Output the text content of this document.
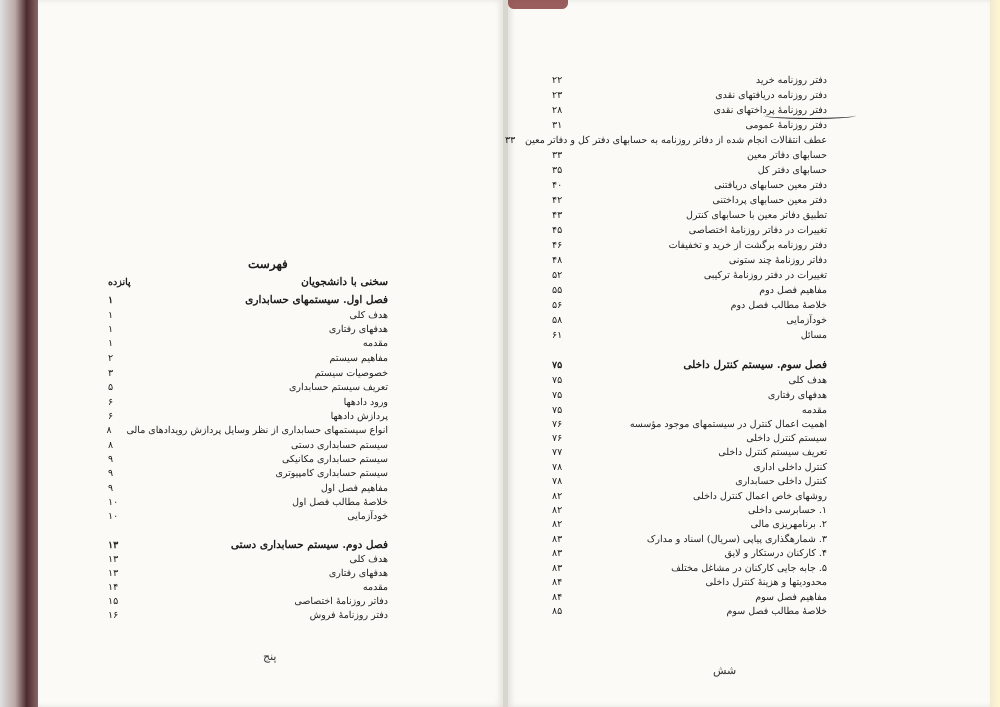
فهرست
سخنی با دانشجویان
پانزده
فصل اول. سیستمهای حسابداری
۱
هدف کلی
۱
هدفهای رفتاری
۱
مقدمه
۱
مفاهیم سیستم
۲
خصوصیات سیستم
۳
تعریف سیستم حسابداری
۵
ورود دادهها
۶
پردازش دادهها
۶
انواع سیستمهای حسابداری از نظر وسایل پردازش رویدادهای مالی
۸
سیستم حسابداری دستی
۸
سیستم حسابداری مکانیکی
۹
سیستم حسابداری کامپیوتری
۹
مفاهیم فصل اول
۹
خلاصهٔ مطالب فصل اول
۱۰
خودآزمایی
۱۰
فصل دوم. سیستم حسابداری دستی
۱۳
هدف کلی
۱۳
هدفهای رفتاری
۱۳
مقدمه
۱۴
دفاتر روزنامهٔ اختصاصی
۱۵
دفتر روزنامهٔ فروش
۱۶
پنج
دفتر روزنامه خرید
۲۲
دفتر روزنامه دریافتهای نقدی
۲۳
دفتر روزنامهٔ پرداختهای نقدی
۲۸
دفتر روزنامهٔ عمومی
۳۱
عطف انتقالات انجام شده از دفاتر روزنامه به حسابهای دفتر کل و دفاتر معین
۳۳
حسابهای دفاتر معین
۳۳
حسابهای دفتر کل
۳۵
دفتر معین حسابهای دریافتنی
۴۰
دفتر معین حسابهای پرداختنی
۴۲
تطبیق دفاتر معین با حسابهای کنترل
۴۳
تغییرات در دفاتر روزنامهٔ اختصاصی
۴۵
دفتر روزنامه برگشت از خرید و تخفیفات
۴۶
دفاتر روزنامهٔ چند ستونی
۴۸
تغییرات در دفتر روزنامهٔ ترکیبی
۵۲
مفاهیم فصل دوم
۵۵
خلاصهٔ مطالب فصل دوم
۵۶
خودآزمایی
۵۸
مسائل
۶۱
فصل سوم. سیستم کنترل داخلی
۷۵
هدف کلی
۷۵
هدفهای رفتاری
۷۵
مقدمه
۷۵
اهمیت اعمال کنترل در سیستمهای موجود مؤسسه
۷۶
سیستم کنترل داخلی
۷۶
تعریف سیستم کنترل داخلی
۷۷
کنترل داخلی اداری
۷۸
کنترل داخلی حسابداری
۷۸
روشهای خاص اعمال کنترل داخلی
۸۲
۱. حسابرسی داخلی
۸۲
۲. برنامهریزی مالی
۸۲
۳. شمارهگذاری پیاپی (سریال) اسناد و مدارک
۸۳
۴. کارکنان درستکار و لایق
۸۳
۵. جابه جایی کارکنان در مشاغل مختلف
۸۳
محدودیتها و هزینهٔ کنترل داخلی
۸۴
مفاهیم فصل سوم
۸۴
خلاصهٔ مطالب فصل سوم
۸۵
شش
